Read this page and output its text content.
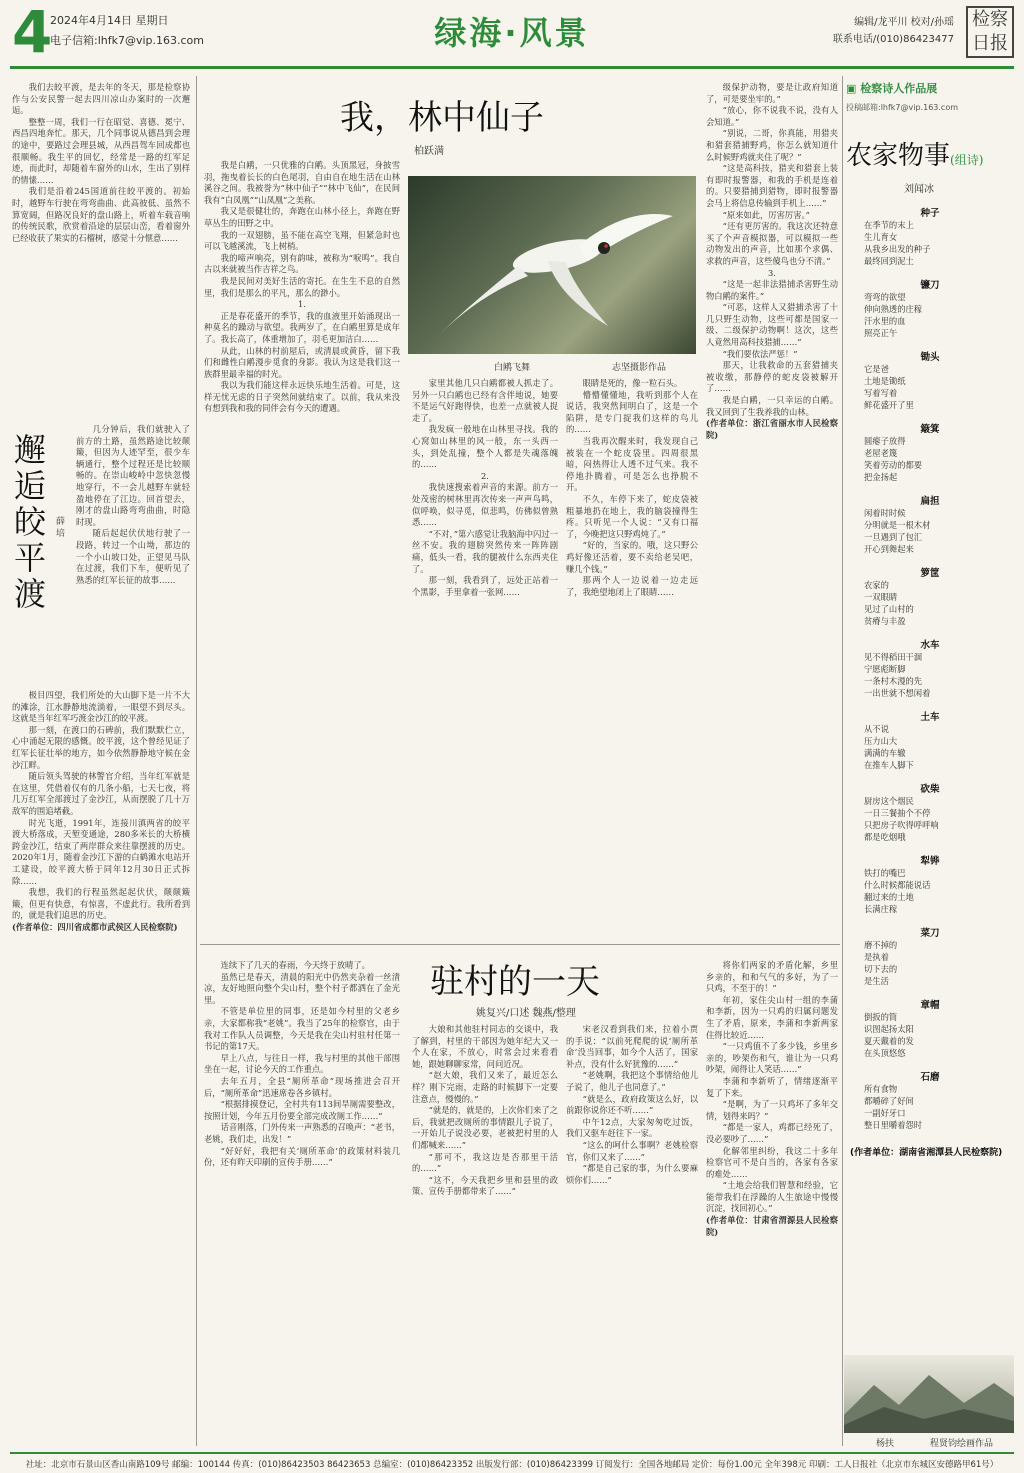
4
2024年4月14日 星期日
电子信箱:lhfk7@vip.163.com	绿海·风景	编辑/龙平川 校对/孙瑶
联系电话/(010)86423477
检察日报

我们去皎平渡，是去年的冬天，那是检察协作与公安民警一起去四川凉山办案时的一次邂逅。

整整一周，我们一行在昭觉、喜德、冕宁、西昌四地奔忙。那天，几个同事说从德昌到会理的途中，要路过会理县城，从西昌驾车回成都也很顺畅。我生平的回忆，经常是一路的红军足迹，而此时，却随着车窗外的山水，生出了别样的情愫……

我们是沿着245国道前往皎平渡的。初始时，越野车行驶在弯弯曲曲、此高彼低、虽然不算宽阔，但路况良好的盘山路上，听着车载音响的传统民歌，欣赏着沿途的层层山峦，看着窗外已经收获了果实的石榴树，感觉十分惬意……

邂逅皎平渡
薛培

几分钟后，我们就驶入了前方的土路，虽然路途比较颠簸，但因为人迹罕至，很少车辆通行，整个过程还是比较顺畅的。在崇山峻岭中忽快忽慢地穿行，不一会儿越野车就轻盈地停在了江边。回首望去，刚才的盘山路弯弯曲曲，时隐时现。

随后起起伏伏地行驶了一段路，转过一个山坳，那边的一个小山坡口处，正望见马队在过渡，我们下车，便听见了熟悉的红军长征的故事……

极目四望，我们所处的大山脚下是一片不大的滩涂，江水静静地流淌着，一眼望不到尽头。这就是当年红军巧渡金沙江的皎平渡。

那一刻，在渡口的石碑前，我们默默伫立，心中涌起无限的感慨。皎平渡，这个曾经见证了红军长征壮举的地方，如今依然静静地守候在金沙江畔。

随后领头驾驶的林警官介绍，当年红军就是在这里，凭借着仅有的几条小船，七天七夜，将几万红军全部渡过了金沙江，从而摆脱了几十万敌军的围追堵截。

时光飞逝，1991年，连接川滇两省的皎平渡大桥落成，天堑变通途，280多米长的大桥横跨金沙江，结束了两岸群众来往靠摆渡的历史。2020年1月，随着金沙江下游的白鹤滩水电站开工建设，皎平渡大桥于同年12月30日正式拆除……

我想，我们的行程虽然起起伏伏，颠颠簸簸，但更有快意，有惊喜，不虚此行。我所看到的，就是我们追思的历史。

(作者单位：四川省成都市武侯区人民检察院)

我，林中仙子
柏跃满
白鹇飞舞	志坚摄影作品

我是白鹇，一只优雅的白鹇。头顶黑冠，身披雪羽，拖曳着长长的白色尾羽，自由自在地生活在山林溪谷之间。我被誉为“林中仙子”“林中飞仙”，在民间我有“白凤凰”“山凤凰”之美称。

我又是很健壮的，奔跑在山林小径上，奔跑在野草丛生的田野之中。

我的一双翅膀，虽不能在高空飞翔，但紧急时也可以飞越溪流，飞上树梢。

我的啼声响亮，别有韵味，被称为“唳鸣”。我自古以来就被当作吉祥之鸟。

我是民间对美好生活的寄托。在生生不息的自然里，我们是那么的平凡，那么的渺小。

1.

正是春花盛开的季节，我的血液里开始涌现出一种莫名的躁动与欲望。我两岁了，在白鹇里算是成年了。我长高了，体重增加了，羽毛更加洁白……

从此，山林的村前屋后，或清晨或黄昏，留下我们和雌性白鹇漫步觅食的身影。我认为这是我们这一族群里最幸福的时光。

我以为我们能这样永远快乐地生活着。可是，这样无忧无虑的日子突然间就结束了。以前，我从来没有想到我和我的同伴会有今天的遭遇。

家里其他几只白鹇都被人抓走了。另外一只白鹇也已经有含伴地说，她要不是运气好跑得快，也差一点就被人捉走了。

我发疯一般地在山林里寻找。我的心窝如山林里的风一般，东一头西一头，到处乱撞，整个人都是失魂落魄的……

2.

我快速搜索着声音的来源。前方一处茂密的树林里再次传来一声声鸟鸣，似呼唤，似寻觅，似悲鸣，仿佛似曾熟悉……

“不对，”第六感觉让我脑海中闪过一丝不安。我的翅膀突然传来一阵阵剧痛，低头一看，我的腿被什么东西夹住了。

那一刻，我看到了，远处正站着一个黑影，手里拿着一张网……

眼睛是死的，像一粒石头。

懵懵懂懂地，我听到那个人在说话，我突然间明白了，这是一个陷阱，是专门捉我们这样的鸟儿的……

当我再次醒来时，我发现自己被装在一个蛇皮袋里。四周很黑暗，闷热得让人透不过气来。我不停地扑腾着，可是怎么也挣脱不开。

不久，车停下来了，蛇皮袋被粗暴地扔在地上，我的脑袋撞得生疼。只听见一个人说：“又有口福了，今晚把这只野鸡炖了。”

“好的，当家的。哦，这只野公鸡好像还活着，要不卖给老吴吧，赚几个钱。”

那两个人一边说着一边走远了，我绝望地闭上了眼睛……

级保护动物，要是让政府知道了，可是要坐牢的。”

“放心，你不说我不说，没有人会知道。”

“别说，二哥，你真能，用猎夹和猎套猎捕野鸡，你怎么就知道什么时候野鸡就夹住了呢？”

“这是高科技，猎夹和猎套上装有即时报警器，和我的手机是连着的。只要猎捕到猎物，即时报警器会马上将信息传输到手机上……”

“原来如此，厉害厉害。”

“还有更厉害的。我这次还特意买了个声音模拟器，可以模拟一些动物发出的声音，比如那个求偶、求救的声音，这些傻鸟也分不清。”

3.

“这是一起非法猎捕杀害野生动物白鹇的案件。”

“可恶，这样人又猎捕杀害了十几只野生动物，这些可都是国家一级、二级保护动物啊！这次，这些人竟然用高科技猎捕……”

“我们要依法严惩！”

那天，让我救命的五套猎捕夹被收缴，那静停的蛇皮袋被解开了……

我是白鹇，一只幸运的白鹇。我又回到了生我养我的山林。

(作者单位：浙江省丽水市人民检察院)

驻村的一天
姚复兴/口述 魏燕/整理

连续下了几天的春雨，今天终于放晴了。

虽然已是春天，清晨的阳光中仍然夹杂着一丝清凉，友好地照向整个尖山村，整个村子都洒在了金光里。

不管是单位里的同事，还是如今村里的父老乡亲，大家都称我“老姚”。我当了25年的检察官，由于我对工作队人员调整，今天是我在尖山村驻村任第一书记的第17天。

早上八点，与往日一样，我与村里的其他干部围坐在一起，讨论今天的工作重点。

去年五月，全县“厕所革命”现场推进会召开后，“厕所革命”迅速席卷各乡镇村。

“根据排摸登记，全村共有113间旱厕需要整改，按照计划，今年五月份要全部完成改厕工作……”

话音刚落，门外传来一声熟悉的召唤声：“老书，老姚，我们走，出发！”

“好好好，我把有关‘厕所革命’的政策材料装几份，还有昨天印刷的宣传手册……”

大娘和其他驻村同志的交谈中，我了解到，村里的干部因为她年纪大又一个人在家，不放心，时常会过来看看她，跟她聊聊家常，问问近况。

“赵大娘，我们又来了，最近怎么样？刚下完雨，走路的时候脚下一定要注意点，慢慢的。”

“就是的，就是的，上次你们来了之后，我就把改厕所的事情跟儿子说了，一开始儿子说没必要，老被把村里的人们都喊来……”

“那可不，我这边是否那里干活的……”

“这不，今天我把乡里和县里的政策、宣传手册都带来了……”

宋老汉看到我们来，拉着小贾的手说：“以前死爬爬的说‘厕所革命’没当回事，如今个人活了，国家补点，没有什么好犹豫的……”

“老姚啊，我把这个事情给他儿子说了，他儿子也同意了。”

“就是么，政府政策这么好，以前跟你说你还不听……”

中午12点，大家匆匆吃过饭，我们又驱车赶往下一家。

“这么的呵什么事啊？老姚检察官，你们又来了……”

“都是自己家的事，为什么要麻烦你们……”

将你们两家的矛盾化解，乡里乡亲的，和和气气的多好，为了一只鸡，不至于的！”

年初，家住尖山村一组的李蒲和李新，因为一只鸡的归属问题发生了矛盾，原来，李蒲和李新两家住得比较近……

“一只鸡值不了多少钱，乡里乡亲的，吵架伤和气，谁让为一只鸡吵架，闹得让人笑话……”

李蒲和李新听了，情绪逐渐平复了下来。

“是啊，为了一只鸡坏了多年交情，划得来吗？”

“都是一家人，鸡都已经死了，没必要吵了……”

化解邻里纠纷，我这二十多年检察官可不是白当的，各家有各家的难处……

“土地会给我们智慧和经验，它能带我们在浮躁的人生旅途中慢慢沉淀，找回初心。”

(作者单位：甘肃省渭源县人民检察院)

▣ 检察诗人作品展
投稿邮箱:lhfk7@vip.163.com
农家物事(组诗)
刘闻冰
种子
在季节的末上
生儿育女
从我乡出发的种子
最终回到泥土
镰刀
弯弯的欲望
伸向熟透的庄稼
汗水里的血
照亮正午
锄头
它是爸
土地是锄纸
写着写着
鲜花盛开了里
簸箕
圆瘪子放得
老屋老篾
笑着劳动的都要
把金扬起
扁担
闲着时时候
分明就是一根木材
一旦遇到了包汇
开心到舞起来
箩筐
农家的
一双眼睛
见过了山村的
贫瘠与丰盈
水车
见不得稻田干涸
宁愿彪断脚
一条村木漫的先
一出世就不想闲着
土车
从不说
压力山大
满满的车辙
在推车人脚下
砍柴
厨房这个烟民
一日三餐抽个不停
只把房子吹得呼呼响
都是吃烟哦
犁铧
铁打的嘴巴
什么时候都能说话
翻过来的土地
长满庄稼
菜刀
磨不掉的
是执着
切下去的
是生活
章帽
倒扳的筒
识图起扬太阳
夏天戴着的发
在头顶悠悠
石磨
所有食物
都嚼碎了好间
一副好牙口
整日里嚼着怨时
(作者单位：湖南省湘潭县人民检察院)
杨扶	程贤钧绘画作品
社址：北京市石景山区香山南路109号 邮编：100144 传真：(010)86423503 86423653 总编室：(010)86423352 出版发行部：(010)86423399 订阅发行：全国各地邮局 定价：每份1.00元 全年398元 印刷：工人日报社（北京市东城区安德路甲61号）
